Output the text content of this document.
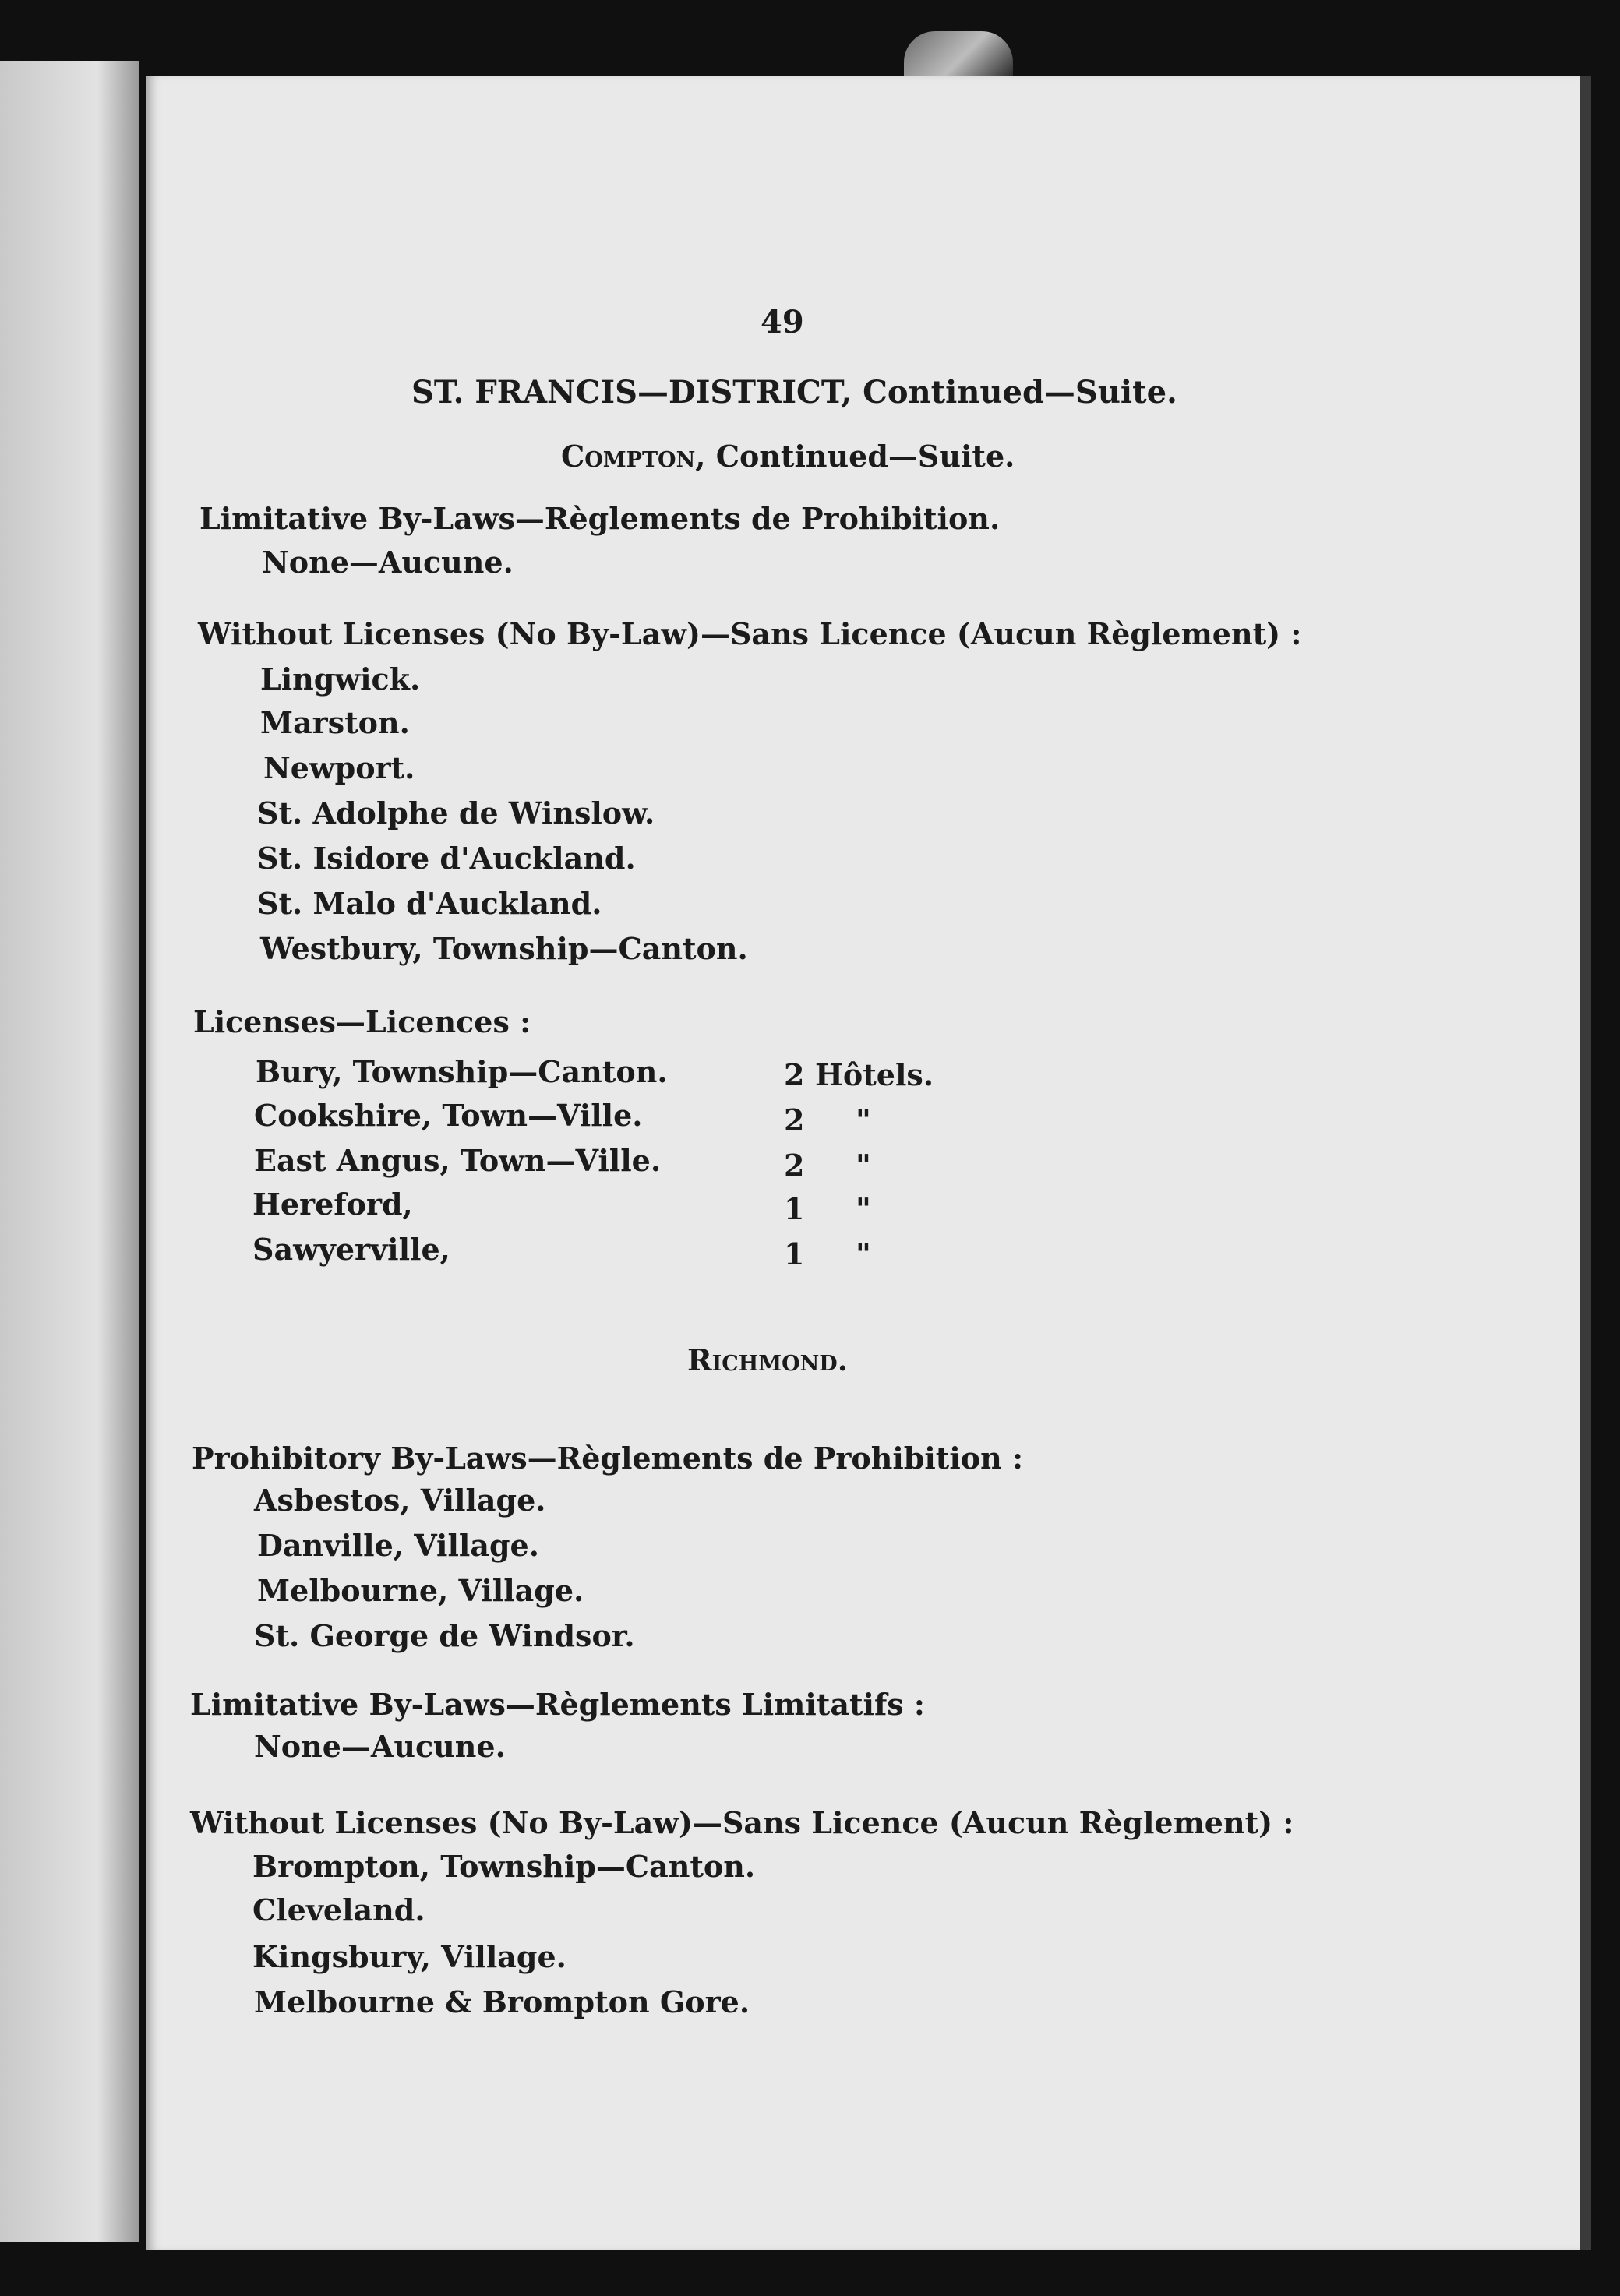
49
ST. FRANCIS—DISTRICT, Continued—Suite.
Compton, Continued—Suite.
Limitative By-Laws—Règlements de Prohibition.
None—Aucune.
Without Licenses (No By-Law)—Sans Licence (Aucun Règlement) :
Lingwick.
Marston.
Newport.
St. Adolphe de Winslow.
St. Isidore d'Auckland.
St. Malo d'Auckland.
Westbury, Township—Canton.
Licenses—Licences :
Bury, Township—Canton.	2 Hôtels.
Cookshire, Town—Ville.	2 "
East Angus, Town—Ville.	2 "
Hereford,	1 "
Sawyerville,	1 "
Richmond.
Prohibitory By-Laws—Règlements de Prohibition :
Asbestos, Village.
Danville, Village.
Melbourne, Village.
St. George de Windsor.
Limitative By-Laws—Règlements Limitatifs :
None—Aucune.
Without Licenses (No By-Law)—Sans Licence (Aucun Règlement) :
Brompton, Township—Canton.
Cleveland.
Kingsbury, Village.
Melbourne & Brompton Gore.
